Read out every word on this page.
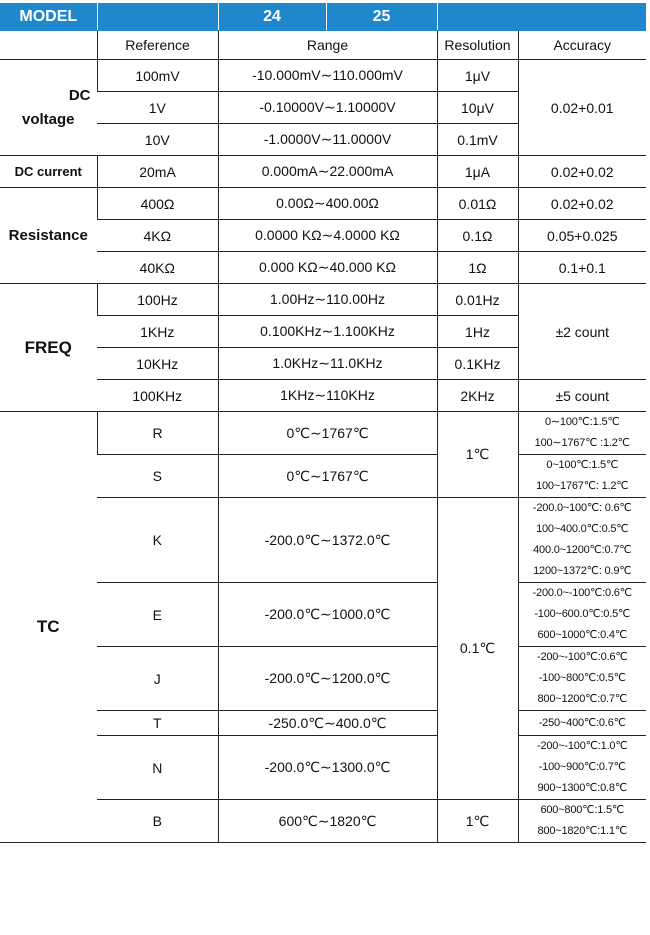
MODEL		24	25		
	Reference	Range		Resolution	Accuracy

DC
voltage	100mV	-10.000mV∼110.000mV		1μV	0.02+0.01
	1V	-0.10000V∼1.10000V		10μV	
	10V	-1.0000V∼11.0000V		0.1mV	
DC current	20mA	0.000mA∼22.000mA		1μA	0.02+0.02
Resistance	400Ω	0.00Ω∼400.00Ω		0.01Ω	0.02+0.02
	4KΩ	0.0000 KΩ∼4.0000 KΩ		0.1Ω	0.05+0.025
	40KΩ	0.000 KΩ∼40.000 KΩ		1Ω	0.1+0.1
FREQ	100Hz	1.00Hz∼110.00Hz		0.01Hz	±2 count
	1KHz	0.100KHz∼1.100KHz		1Hz	
	10KHz	1.0KHz∼11.0KHz		0.1KHz	
	100KHz	1KHz∼110KHz		2KHz	±5 count
TC	R	0℃∼1767℃		1℃	0∼100℃:1.5℃
100∼1767℃ :1.2℃

	S	0℃∼1767℃			0~100℃:1.5℃
100~1767℃: 1.2℃

	K	-200.0℃∼1372.0℃		0.1℃	-200.0~100℃: 0.6℃
100~400.0℃:0.5℃
400.0~1200℃:0.7℃
1200~1372℃: 0.9℃

	E	-200.0℃∼1000.0℃			-200.0~-100℃:0.6℃
-100~600.0℃:0.5℃
600~1000℃:0.4℃

	J	-200.0℃∼1200.0℃			-200~-100℃:0.6℃
-100~800℃:0.5℃
800~1200℃:0.7℃

	T	-250.0℃∼400.0℃			-250~400℃:0.6℃

	N	-200.0℃∼1300.0℃			-200~-100℃:1.0℃
-100~900℃:0.7℃
900~1300℃:0.8℃

	B	600℃∼1820℃		1℃	600~800℃:1.5℃
800~1820℃:1.1℃
